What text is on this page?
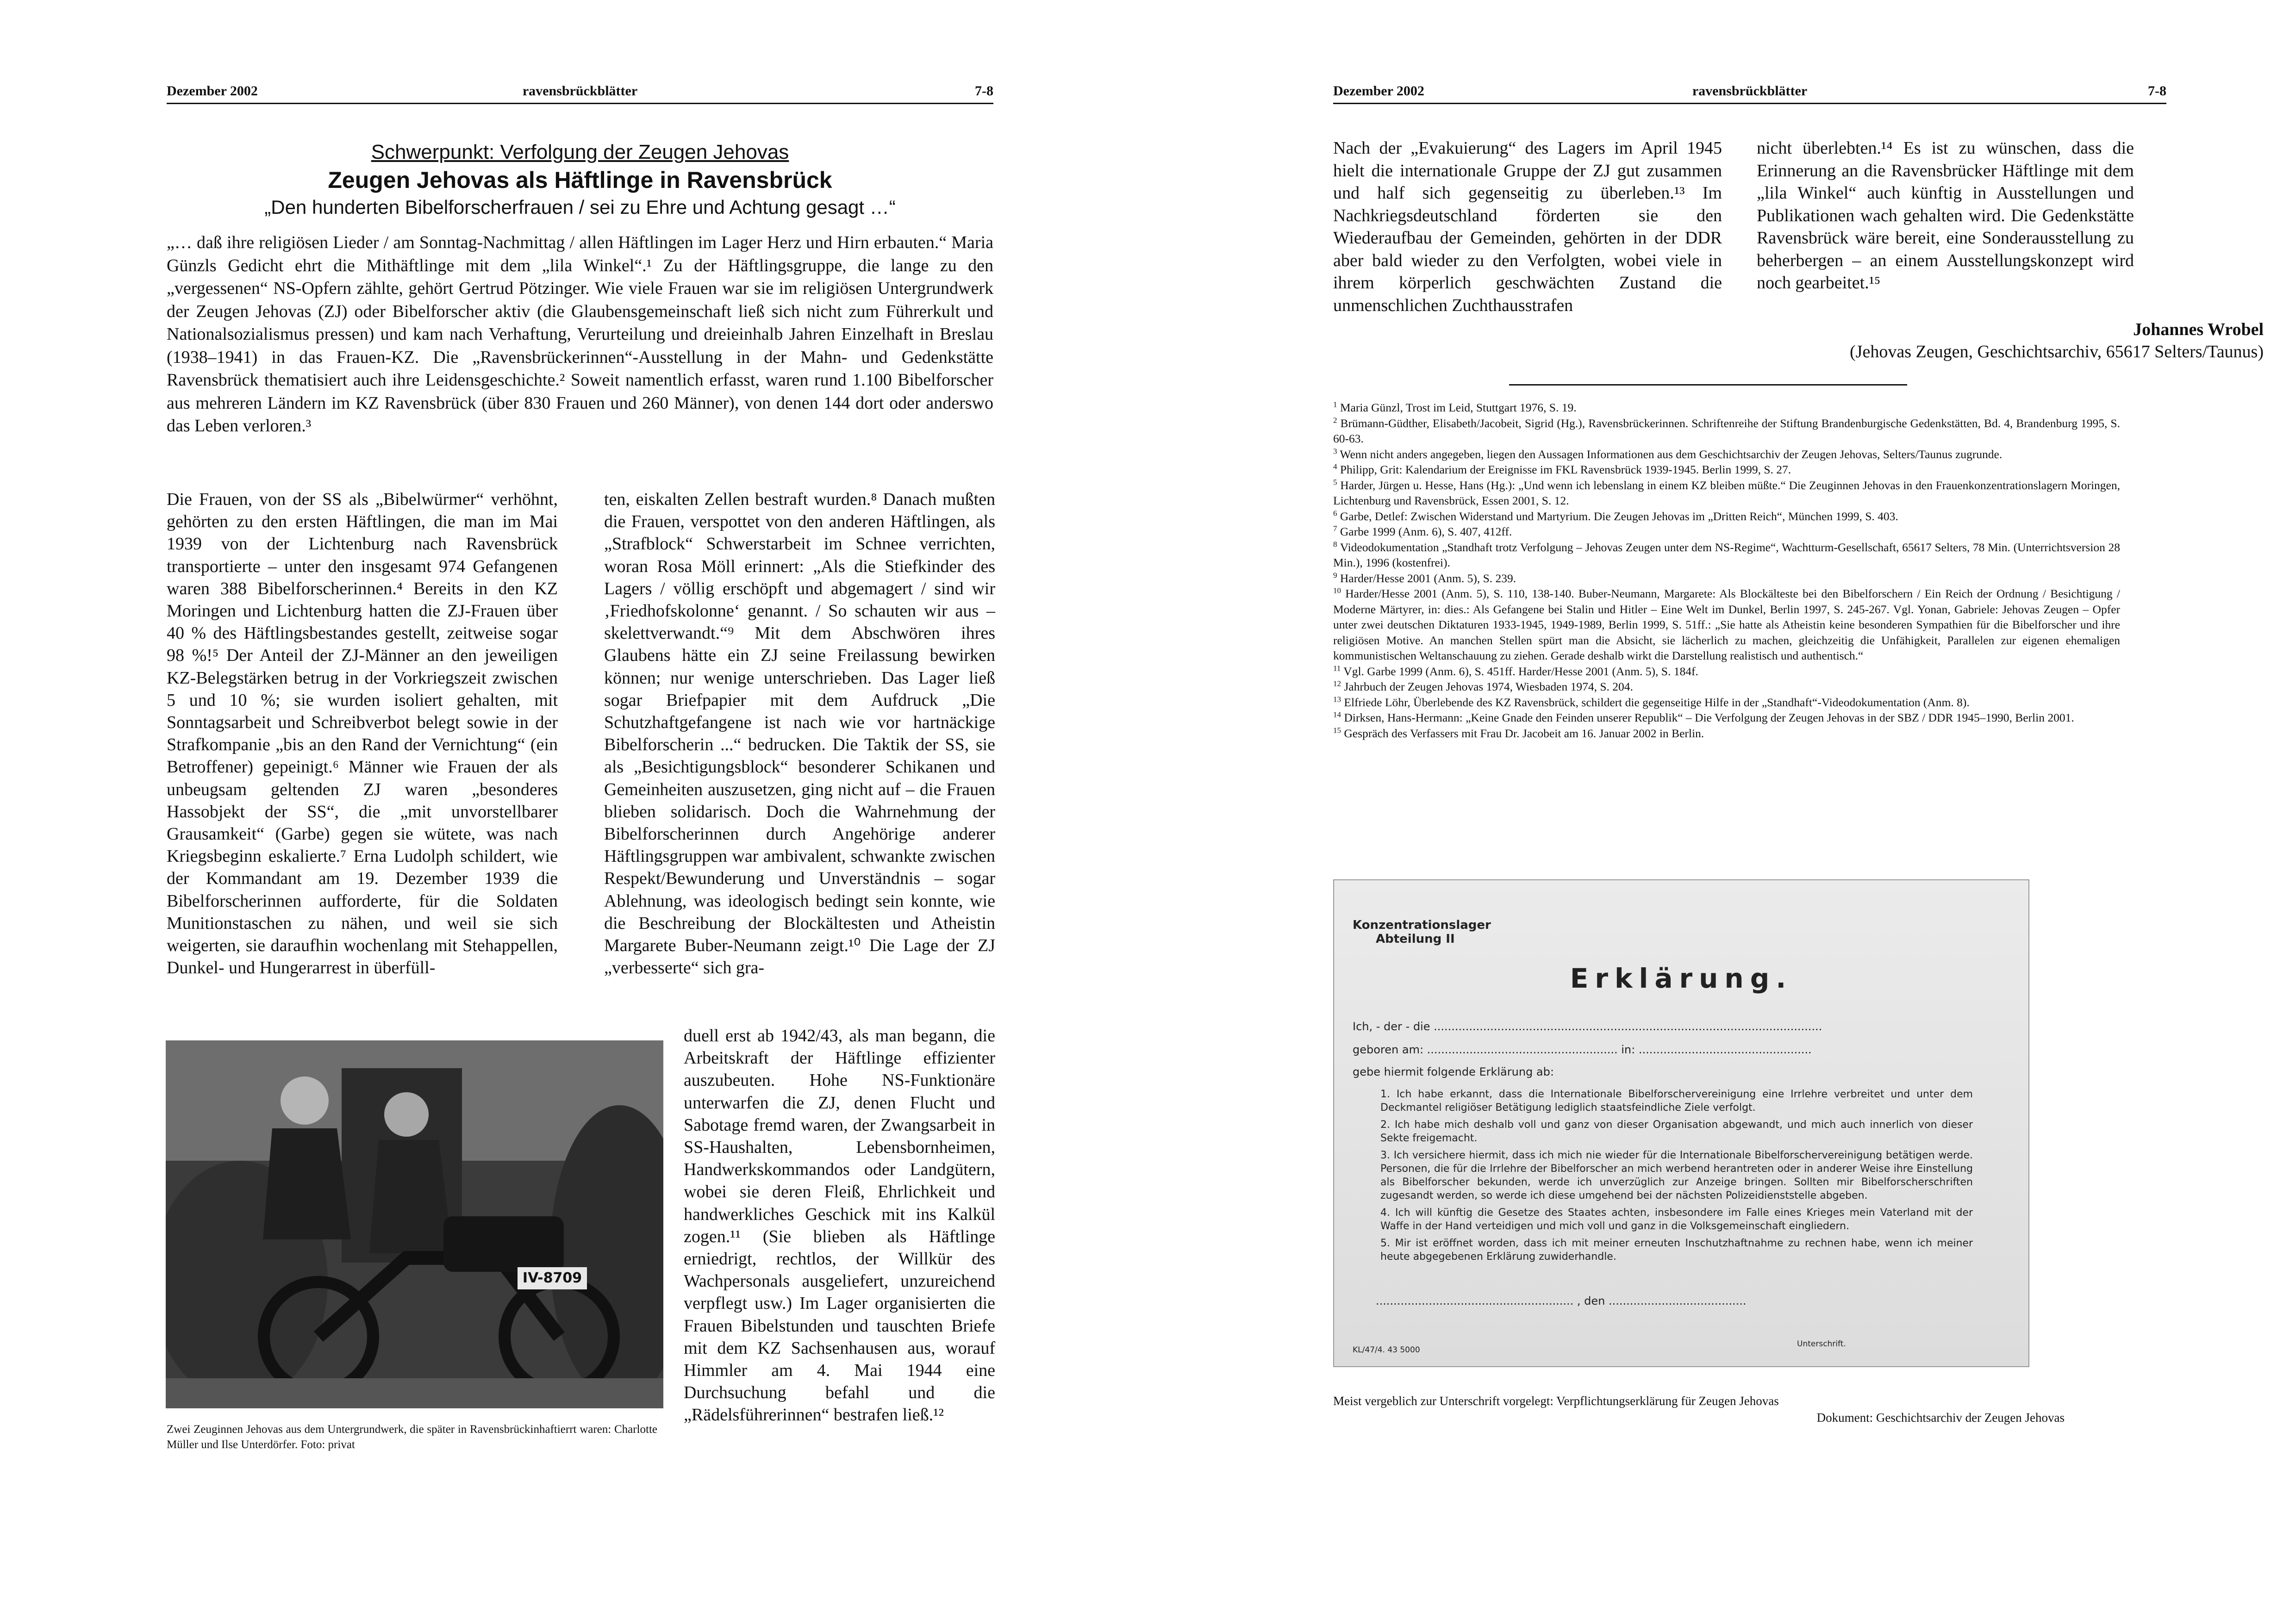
Dezember 2002	ravensbrückblätter	7-8
Schwerpunkt: Verfolgung der Zeugen Jehovas
Zeugen Jehovas als Häftlinge in Ravensbrück
„Den hunderten Bibelforscherfrauen / sei zu Ehre und Achtung gesagt …“

„… daß ihre religiösen Lieder / am Sonntag-Nachmittag / allen Häftlingen im Lager Herz und Hirn erbauten.“ Maria Günzls Gedicht ehrt die Mithäftlinge mit dem „lila Winkel“.¹ Zu der Häftlingsgruppe, die lange zu den „vergessenen“ NS-Opfern zählte, gehört Gertrud Pötzinger. Wie viele Frauen war sie im religiösen Untergrundwerk der Zeugen Jehovas (ZJ) oder Bibelforscher aktiv (die Glaubensgemeinschaft ließ sich nicht zum Führerkult und Nationalsozialismus pressen) und kam nach Verhaftung, Verurteilung und dreieinhalb Jahren Einzelhaft in Breslau (1938–1941) in das Frauen-KZ. Die „Ravensbrückerinnen“-Ausstellung in der Mahn- und Gedenkstätte Ravensbrück thematisiert auch ihre Leidensgeschichte.² Soweit namentlich erfasst, waren rund 1.100 Bibelforscher aus mehreren Ländern im KZ Ravensbrück (über 830 Frauen und 260 Männer), von denen 144 dort oder anderswo das Leben verloren.³

Die Frauen, von der SS als „Bibelwürmer“ verhöhnt, gehörten zu den ersten Häftlingen, die man im Mai 1939 von der Lichtenburg nach Ravensbrück transportierte – unter den insgesamt 974 Gefangenen waren 388 Bibelforscherinnen.⁴ Bereits in den KZ Moringen und Lichtenburg hatten die ZJ-Frauen über 40 % des Häftlingsbestandes gestellt, zeitweise sogar 98 %!⁵ Der Anteil der ZJ-Männer an den jeweiligen KZ-Belegstärken betrug in der Vorkriegszeit zwischen 5 und 10 %; sie wurden isoliert gehalten, mit Sonntagsarbeit und Schreibverbot belegt sowie in der Strafkompanie „bis an den Rand der Vernichtung“ (ein Betroffener) gepeinigt.⁶ Männer wie Frauen der als unbeugsam geltenden ZJ waren „besonderes Hassobjekt der SS“, die „mit unvorstellbarer Grausamkeit“ (Garbe) gegen sie wütete, was nach Kriegsbeginn eskalierte.⁷ Erna Ludolph schildert, wie der Kommandant am 19. Dezember 1939 die Bibelforscherinnen aufforderte, für die Soldaten Munitionstaschen zu nähen, und weil sie sich weigerten, sie daraufhin wochenlang mit Stehappellen, Dunkel- und Hungerarrest in überfüll-

ten, eiskalten Zellen bestraft wurden.⁸ Danach mußten die Frauen, verspottet von den anderen Häftlingen, als „Strafblock“ Schwerstarbeit im Schnee verrichten, woran Rosa Möll erinnert: „Als die Stiefkinder des Lagers / völlig erschöpft und abgemagert / sind wir ‚Friedhofskolonne‘ genannt. / So schauten wir aus – skelettverwandt.“⁹ Mit dem Abschwören ihres Glaubens hätte ein ZJ seine Freilassung bewirken können; nur wenige unterschrieben. Das Lager ließ sogar Briefpapier mit dem Aufdruck „Die Schutzhaftgefangene ist nach wie vor hartnäckige Bibelforscherin ...“ bedrucken. Die Taktik der SS, sie als „Besichtigungsblock“ besonderer Schikanen und Gemeinheiten auszusetzen, ging nicht auf – die Frauen blieben solidarisch. Doch die Wahrnehmung der Bibelforscherinnen durch Angehörige anderer Häftlingsgruppen war ambivalent, schwankte zwischen Respekt/Bewunderung und Unverständnis – sogar Ablehnung, was ideologisch bedingt sein konnte, wie die Beschreibung der Blockältesten und Atheistin Margarete Buber-Neumann zeigt.¹⁰ Die Lage der ZJ „verbesserte“ sich gra-

duell erst ab 1942/43, als man begann, die Arbeitskraft der Häftlinge effizienter auszubeuten. Hohe NS-Funktionäre unterwarfen die ZJ, denen Flucht und Sabotage fremd waren, der Zwangsarbeit in SS-Haushalten, Lebensbornheimen, Handwerkskommandos oder Landgütern, wobei sie deren Fleiß, Ehrlichkeit und handwerkliches Geschick mit ins Kalkül zogen.¹¹ (Sie blieben als Häftlinge erniedrigt, rechtlos, der Willkür des Wachpersonals ausgeliefert, unzureichend verpflegt usw.) Im Lager organisierten die Frauen Bibelstunden und tauschten Briefe mit dem KZ Sachsenhausen aus, worauf Himmler am 4. Mai 1944 eine Durchsuchung befahl und die „Rädelsführerinnen“ bestrafen ließ.¹²

IV-8709

Zwei Zeuginnen Jehovas aus dem Untergrundwerk, die später in Ravensbrückinhaftierrt waren: Charlotte Müller und Ilse Unterdörfer. Foto: privat

Dezember 2002	ravensbrückblätter	7-8

Nach der „Evakuierung“ des Lagers im April 1945 hielt die internationale Gruppe der ZJ gut zusammen und half sich gegenseitig zu überleben.¹³ Im Nachkriegsdeutschland förderten sie den Wiederaufbau der Gemeinden, gehörten in der DDR aber bald wieder zu den Verfolgten, wobei viele in ihrem körperlich geschwächten Zustand die unmenschlichen Zuchthausstrafen

nicht überlebten.¹⁴ Es ist zu wünschen, dass die Erinnerung an die Ravensbrücker Häftlinge mit dem „lila Winkel“ auch künftig in Ausstellungen und Publikationen wach gehalten wird. Die Gedenkstätte Ravensbrück wäre bereit, eine Sonderausstellung zu beherbergen – an einem Ausstellungskonzept wird noch gearbeitet.¹⁵

Johannes Wrobel
(Jehovas Zeugen, Geschichtsarchiv, 65617 Selters/Taunus)

$^1$ Maria Günzl, Trost im Leid, Stuttgart 1976, S. 19.

$^2$ Brümann-Güdther, Elisabeth/Jacobeit, Sigrid (Hg.), Ravensbrückerinnen. Schriftenreihe der Stiftung Brandenburgische Gedenkstätten, Bd. 4, Brandenburg 1995, S. 60-63.

$^3$ Wenn nicht anders angegeben, liegen den Aussagen Informationen aus dem Geschichtsarchiv der Zeugen Jehovas, Selters/Taunus zugrunde.

$^4$ Philipp, Grit: Kalendarium der Ereignisse im FKL Ravensbrück 1939-1945. Berlin 1999, S. 27.

$^5$ Harder, Jürgen u. Hesse, Hans (Hg.): „Und wenn ich lebenslang in einem KZ bleiben müßte.“ Die Zeuginnen Jehovas in den Frauenkonzentrationslagern Moringen, Lichtenburg und Ravensbrück, Essen 2001, S. 12.

$^6$ Garbe, Detlef: Zwischen Widerstand und Martyrium. Die Zeugen Jehovas im „Dritten Reich“, München 1999, S. 403.

$^7$ Garbe 1999 (Anm. 6), S. 407, 412ff.

$^8$ Videodokumentation „Standhaft trotz Verfolgung – Jehovas Zeugen unter dem NS-Regime“, Wachtturm-Gesellschaft, 65617 Selters, 78 Min. (Unterrichtsversion 28 Min.), 1996 (kostenfrei).

$^9$ Harder/Hesse 2001 (Anm. 5), S. 239.

$^{10}$ Harder/Hesse 2001 (Anm. 5), S. 110, 138-140. Buber-Neumann, Margarete: Als Blockälteste bei den Bibelforschern / Ein Reich der Ordnung / Besichtigung / Moderne Märtyrer, in: dies.: Als Gefangene bei Stalin und Hitler – Eine Welt im Dunkel, Berlin 1997, S. 245-267. Vgl. Yonan, Gabriele: Jehovas Zeugen – Opfer unter zwei deutschen Diktaturen 1933-1945, 1949-1989, Berlin 1999, S. 51ff.: „Sie hatte als Atheistin keine besonderen Sympathien für die Bibelforscher und ihre religiösen Motive. An manchen Stellen spürt man die Absicht, sie lächerlich zu machen, gleichzeitig die Unfähigkeit, Parallelen zur eigenen ehemaligen kommunistischen Weltanschauung zu ziehen. Gerade deshalb wirkt die Darstellung realistisch und authentisch.“

$^{11}$ Vgl. Garbe 1999 (Anm. 6), S. 451ff. Harder/Hesse 2001 (Anm. 5), S. 184f.

$^{12}$ Jahrbuch der Zeugen Jehovas 1974, Wiesbaden 1974, S. 204.

$^{13}$ Elfriede Löhr, Überlebende des KZ Ravensbrück, schildert die gegenseitige Hilfe in der „Standhaft“-Videodokumentation (Anm. 8).

$^{14}$ Dirksen, Hans-Hermann: „Keine Gnade den Feinden unserer Republik“ – Die Verfolgung der Zeugen Jehovas in der SBZ / DDR 1945–1990, Berlin 2001.

$^{15}$ Gespräch des Verfassers mit Frau Dr. Jacobeit am 16. Januar 2002 in Berlin.

Konzentrationslager
Abteilung II
Erklärung.
Ich, - der - die ..............................................................................................................
geboren am: ...................................................... in: .................................................
gebe hiermit folgende Erklärung ab:
1. Ich habe erkannt, dass die Internationale Bibelforschervereinigung eine Irrlehre verbreitet und unter dem Deckmantel religiöser Betätigung lediglich staatsfeindliche Ziele verfolgt.
2. Ich habe mich deshalb voll und ganz von dieser Organisation abgewandt, und mich auch innerlich von dieser Sekte freigemacht.
3. Ich versichere hiermit, dass ich mich nie wieder für die Internationale Bibelforschervereinigung betätigen werde. Personen, die für die Irrlehre der Bibelforscher an mich werbend herantreten oder in anderer Weise ihre Einstellung als Bibelforscher bekunden, werde ich unverzüglich zur Anzeige bringen. Sollten mir Bibelforscherschriften zugesandt werden, so werde ich diese umgehend bei der nächsten Polizeidienststelle abgeben.
4. Ich will künftig die Gesetze des Staates achten, insbesondere im Falle eines Krieges mein Vaterland mit der Waffe in der Hand verteidigen und mich voll und ganz in die Volksgemeinschaft eingliedern.
5. Mir ist eröffnet worden, dass ich mit meiner erneuten Inschutzhaftnahme zu rechnen habe, wenn ich meiner heute abgegebenen Erklärung zuwiderhandle.
........................................................ , den .......................................
Unterschrift.
KL/47/4. 43 5000
Meist vergeblich zur Unterschrift vorgelegt: Verpflichtungserklärung für Zeugen Jehovas
Dokument: Geschichtsarchiv der Zeugen Jehovas
